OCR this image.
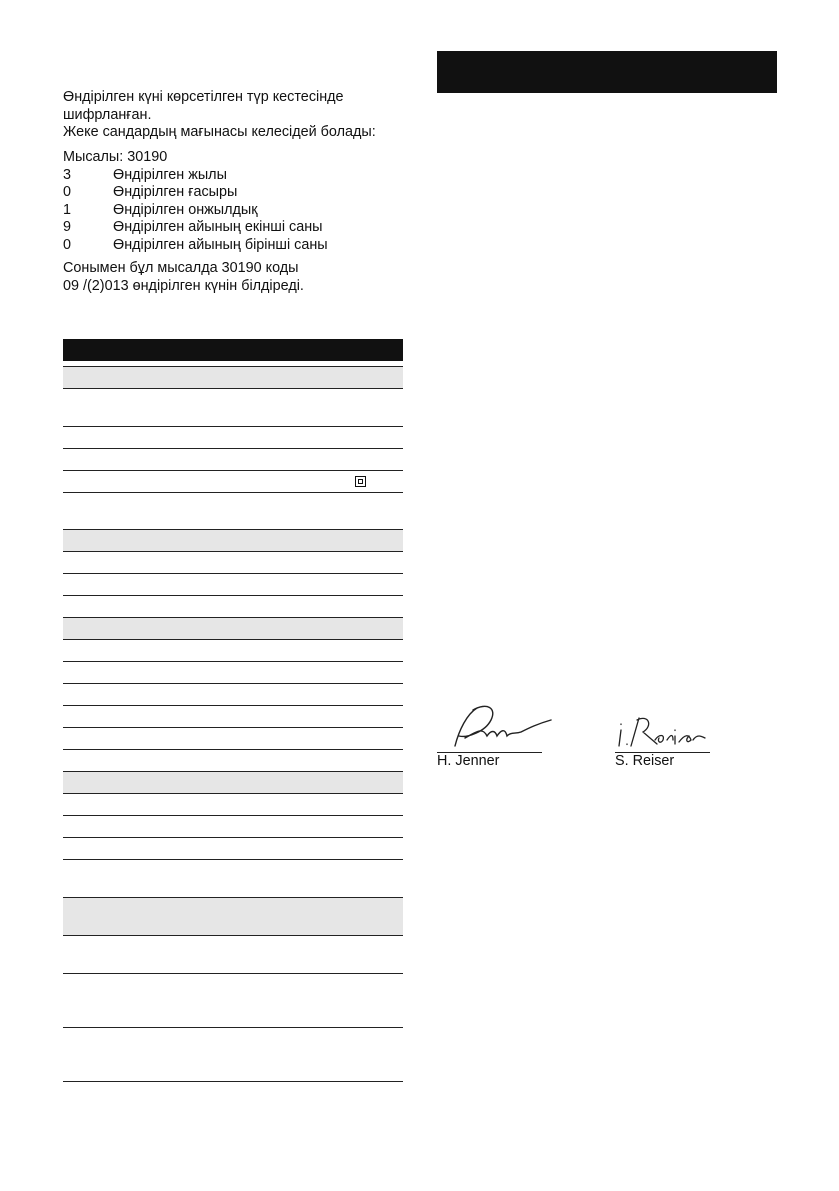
Өндірілген күні көрсетілген түр кестесінде
шифрланған.
Жеке сандардың мағынасы келесідей болады:
Мысалы: 30190
3	Өндірілген жылы
0	Өндірілген ғасыры
1	Өндірілген онжылдық
9	Өндірілген айының екінші саны
0	Өндірілген айының бірінші саны
Сонымен бұл мысалда 30190 коды
09 /(2)013 өндірілген күнін білдіреді.
H. Jenner	S. Reiser
